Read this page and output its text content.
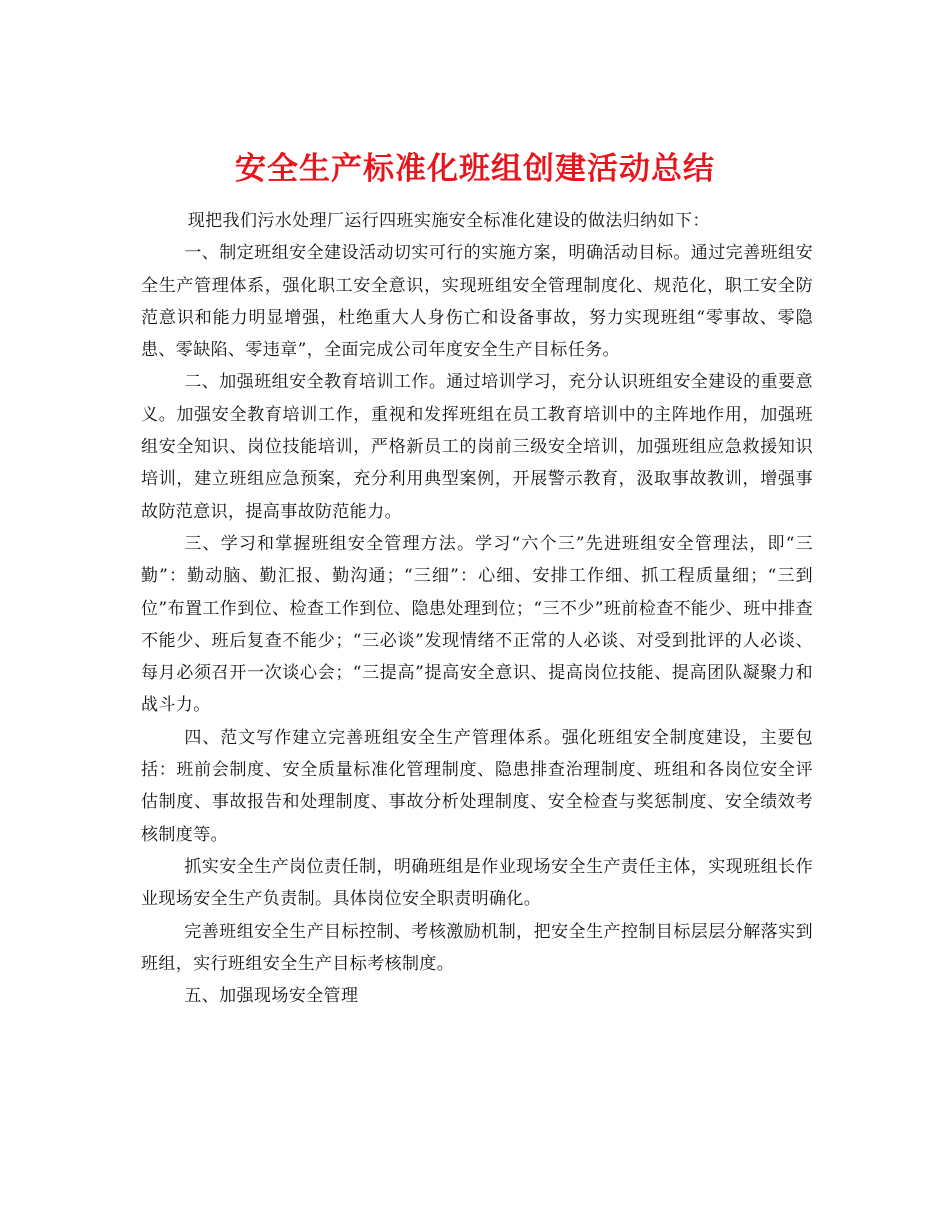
安全生产标准化班组创建活动总结

现把我们污水处理厂运行四班实施安全标准化建设的做法归纳如下：

一、制定班组安全建设活动切实可行的实施方案，明确活动目标。通过完善班组安全生产管理体系，强化职工安全意识，实现班组安全管理制度化、规范化，职工安全防范意识和能力明显增强，杜绝重大人身伤亡和设备事故，努力实现班组“零事故、零隐患、零缺陷、零违章”，全面完成公司年度安全生产目标任务。

二、加强班组安全教育培训工作。通过培训学习，充分认识班组安全建设的重要意义。加强安全教育培训工作，重视和发挥班组在员工教育培训中的主阵地作用，加强班组安全知识、岗位技能培训，严格新员工的岗前三级安全培训，加强班组应急救援知识培训，建立班组应急预案，充分利用典型案例，开展警示教育，汲取事故教训，增强事故防范意识，提高事故防范能力。

三、学习和掌握班组安全管理方法。学习“六个三”先进班组安全管理法，即“三勤”：勤动脑、勤汇报、勤沟通；“三细”：心细、安排工作细、抓工程质量细；“三到位”布置工作到位、检查工作到位、隐患处理到位；“三不少”班前检查不能少、班中排查不能少、班后复查不能少；“三必谈”发现情绪不正常的人必谈、对受到批评的人必谈、每月必须召开一次谈心会；“三提高”提高安全意识、提高岗位技能、提高团队凝聚力和战斗力。

四、范文写作建立完善班组安全生产管理体系。强化班组安全制度建设，主要包括：班前会制度、安全质量标准化管理制度、隐患排查治理制度、班组和各岗位安全评估制度、事故报告和处理制度、事故分析处理制度、安全检查与奖惩制度、安全绩效考核制度等。

抓实安全生产岗位责任制，明确班组是作业现场安全生产责任主体，实现班组长作业现场安全生产负责制。具体岗位安全职责明确化。

完善班组安全生产目标控制、考核激励机制，把安全生产控制目标层层分解落实到班组，实行班组安全生产目标考核制度。

五、加强现场安全管理
